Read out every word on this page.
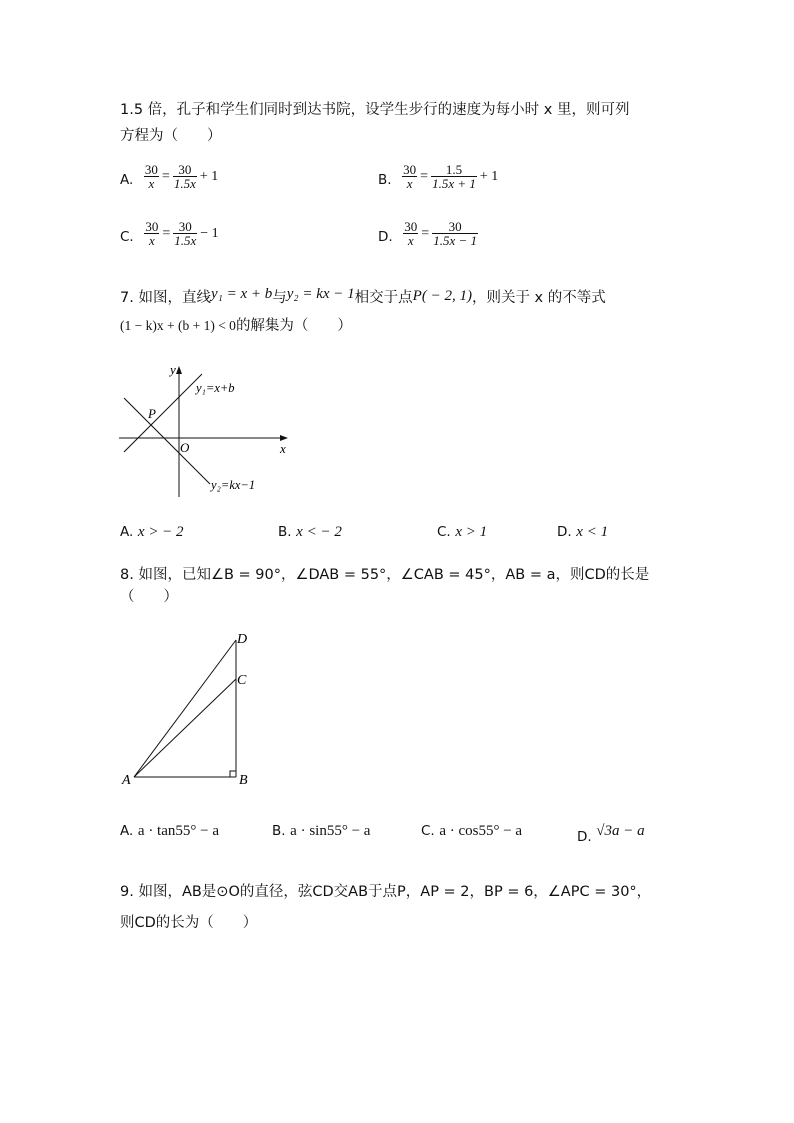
1.5 倍，孔子和学生们同时到达书院，设学生步行的速度为每小时 x 里，则可列
方程为（　　）
A. $\frac{30}{x} = \frac{30}{1.5x} + 1$	B. $\frac{30}{x} = \frac{1.5}{1.5x + 1} + 1$
C. $\frac{30}{x} = \frac{30}{1.5x} - 1$	D. $\frac{30}{x} = \frac{30}{1.5x - 1}$
7. 如图，直线y₁ = x + b与y₂ = kx − 1相交于点P( − 2, 1)，则关于 x 的不等式
(1 − k)x + (b + 1) < 0的解集为（　　）
y
x
O
P
y₁=x+b
y₂=kx−1
A. x > − 2	B. x < − 2	C. x > 1	D. x < 1
8. 如图，已知∠B = 90°，∠DAB = 55°，∠CAB = 45°，AB = a，则CD的长是
（　　）
A	B
C
D
A. a · tan55° − a	B. a · sin55° − a	C. a · cos55° − a	D. √3a − a
9. 如图，AB是⊙O的直径，弦CD交AB于点P，AP = 2，BP = 6，∠APC = 30°，
则CD的长为（　　）
